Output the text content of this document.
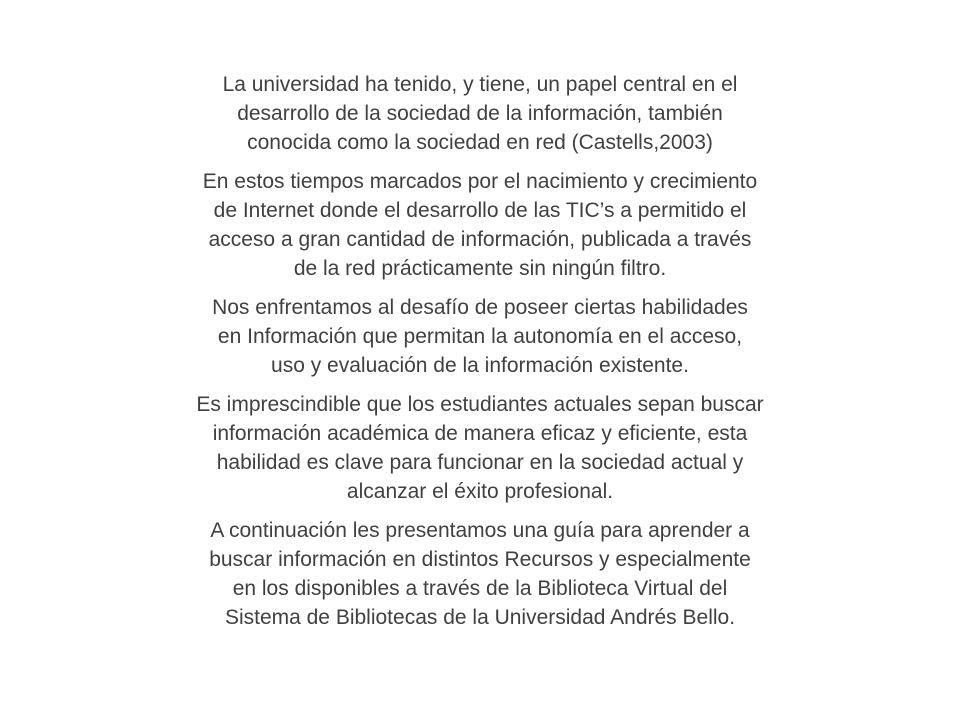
La universidad ha tenido, y tiene, un papel central en el
desarrollo de la sociedad de la información, también
conocida como la sociedad en red (Castells,2003)

En estos tiempos marcados por el nacimiento y crecimiento
de Internet donde el desarrollo de las TIC’s a permitido el
acceso a gran cantidad de información, publicada a través
de la red prácticamente sin ningún filtro.

Nos enfrentamos al desafío de poseer ciertas habilidades
en Información que permitan la autonomía en el acceso,
uso y evaluación de la información existente.

Es imprescindible que los estudiantes actuales sepan buscar
información académica de manera eficaz y eficiente, esta
habilidad es clave para funcionar en la sociedad actual y
alcanzar el éxito profesional.

A continuación les presentamos una guía para aprender a
buscar información en distintos Recursos y especialmente
en los disponibles a través de la Biblioteca Virtual del
Sistema de Bibliotecas de la Universidad Andrés Bello.
